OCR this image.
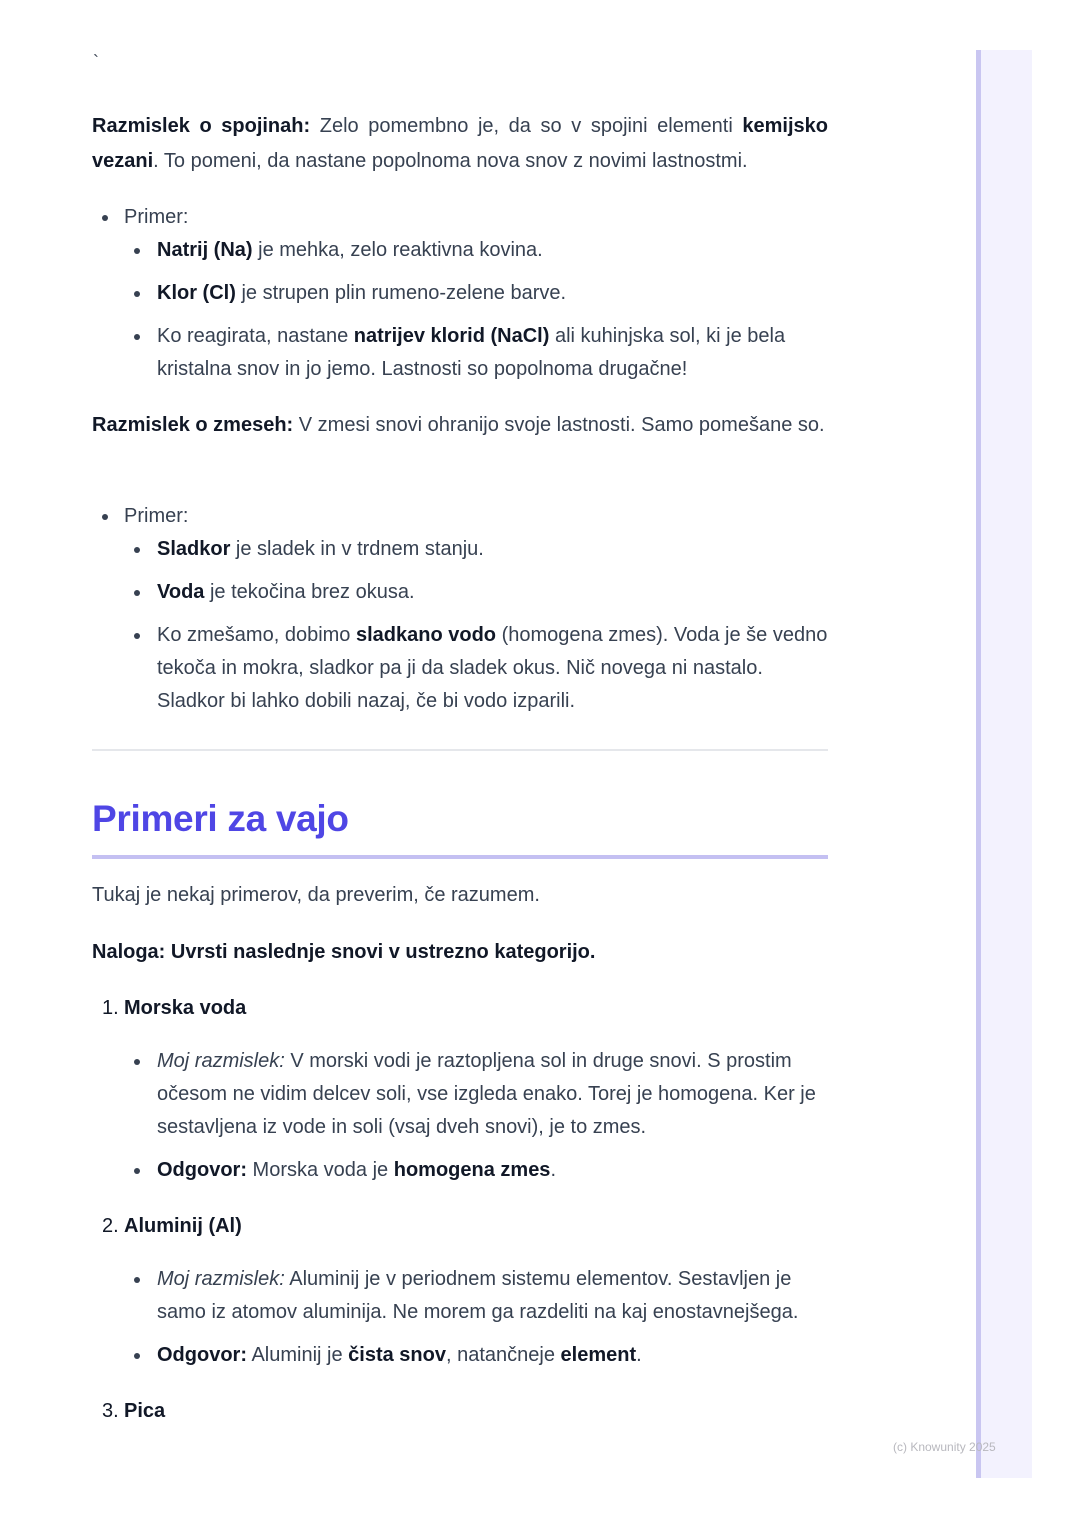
`

Razmislek o spojinah: Zelo pomembno je, da so v spojini elementi kemijsko vezani. To pomeni, da nastane popolnoma nova snov z novimi lastnostmi.

Primer:
Natrij (Na) je mehka, zelo reaktivna kovina.
Klor (Cl) je strupen plin rumeno-zelene barve.
Ko reagirata, nastane natrijev klorid (NaCl) ali kuhinjska sol, ki je bela kristalna snov in jo jemo. Lastnosti so popolnoma drugačne!

Razmislek o zmeseh: V zmesi snovi ohranijo svoje lastnosti. Samo pomešane so.

Primer:
Sladkor je sladek in v trdnem stanju.
Voda je tekočina brez okusa.
Ko zmešamo, dobimo sladkano vodo (homogena zmes). Voda je še vedno tekoča in mokra, sladkor pa ji da sladek okus. Nič novega ni nastalo. Sladkor bi lahko dobili nazaj, če bi vodo izparili.

Tukaj je nekaj primerov, da preverim, če razumem.

Naloga: Uvrsti naslednje snovi v ustrezno kategorijo.

1. Morska voda
Moj razmislek: V morski vodi je raztopljena sol in druge snovi. S prostim očesom ne vidim delcev soli, vse izgleda enako. Torej je homogena. Ker je sestavljena iz vode in soli (vsaj dveh snovi), je to zmes.
Odgovor: Morska voda je homogena zmes.
2. Aluminij (Al)
Moj razmislek: Aluminij je v periodnem sistemu elementov. Sestavljen je samo iz atomov aluminija. Ne morem ga razdeliti na kaj enostavnejšega.
Odgovor: Aluminij je čista snov, natančneje element.
3. Pica
Primeri za vajo
(c) Knowunity 2025
